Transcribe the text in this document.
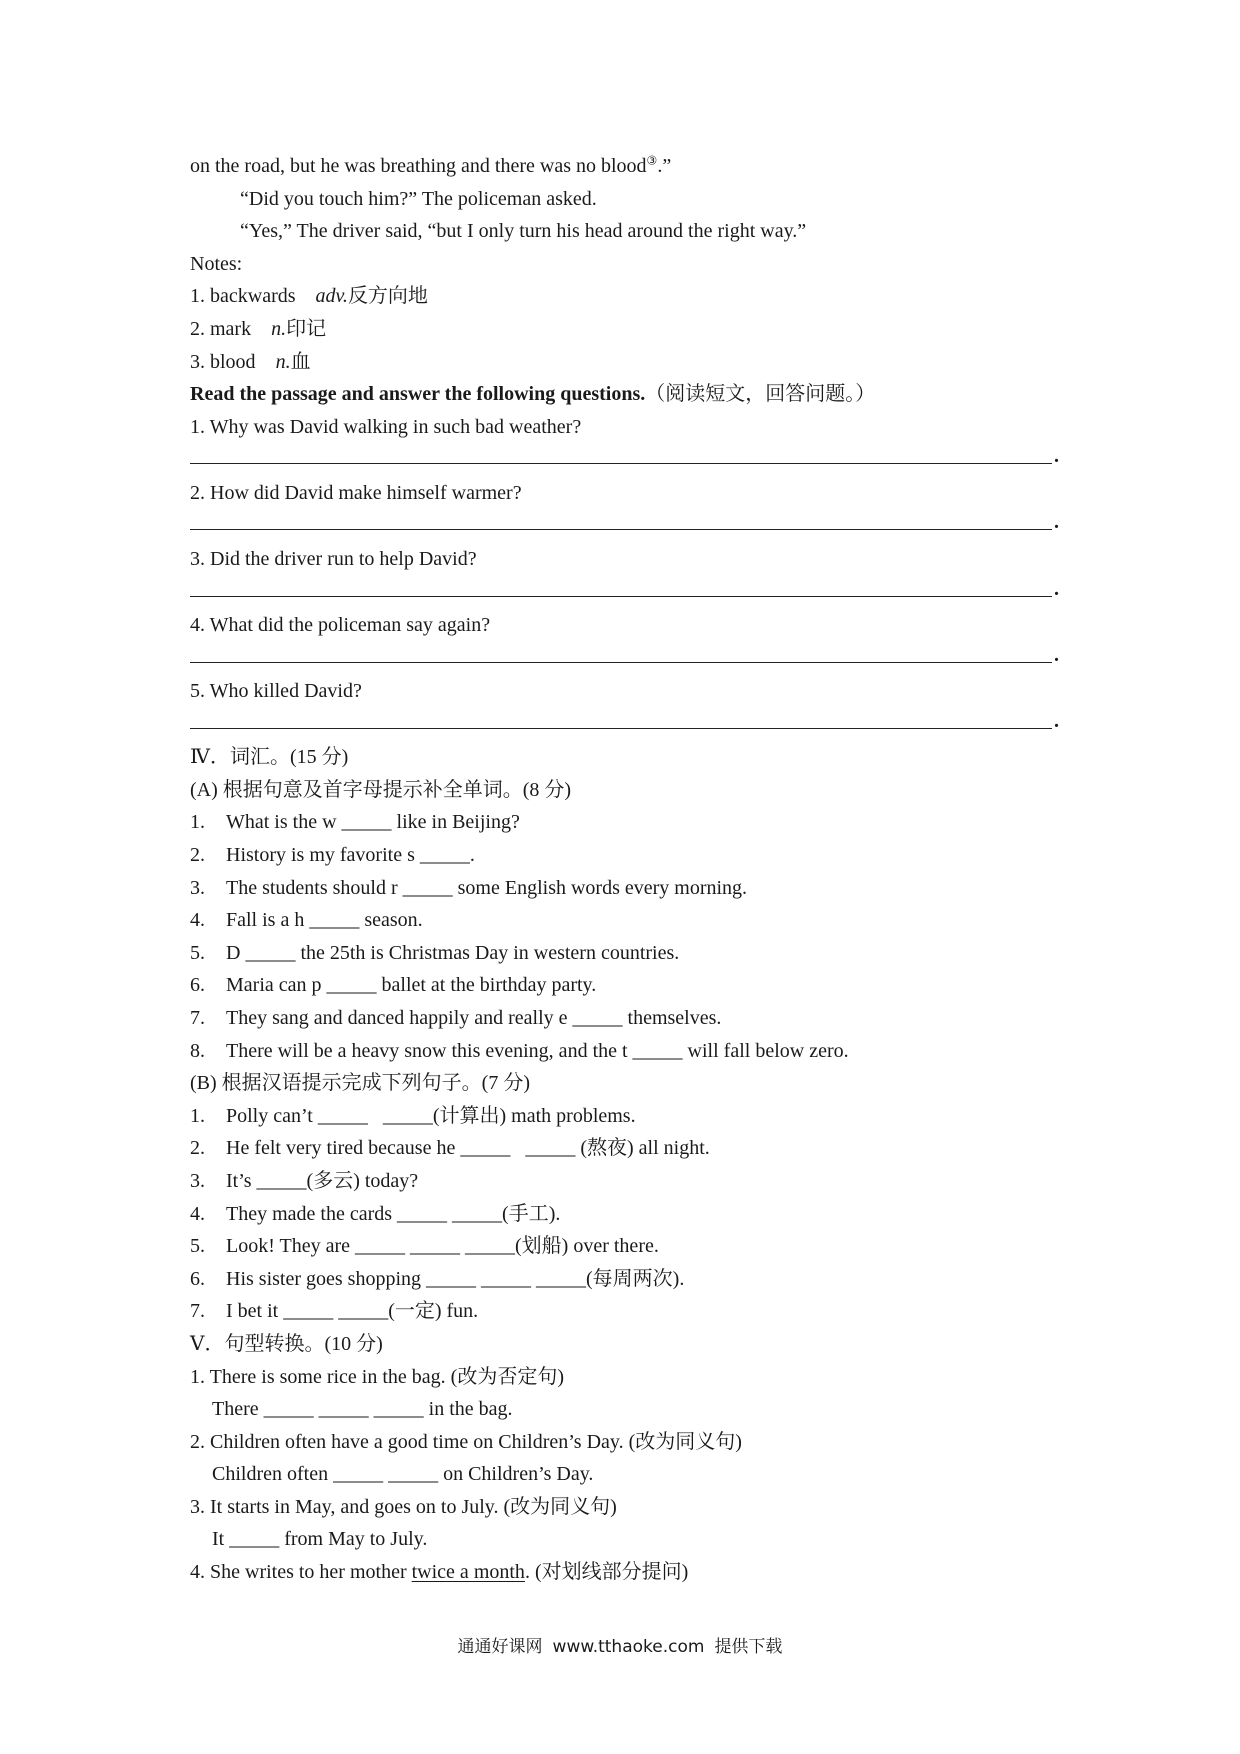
on the road, but he was breathing and there was no blood③.”
“Did you touch him?” The policeman asked.
“Yes,” The driver said, “but I only turn his head around the right way.”
Notes:
1. backwards adv.反方向地
2. mark n.印记
3. blood n.血
Read the passage and answer the following questions.（阅读短文，回答问题。）
1. Why was David walking in such bad weather?
.
2. How did David make himself warmer?
.
3. Did the driver run to help David?
.
4. What did the policeman say again?
.
5. Who killed David?
.
Ⅳ．词汇。(15 分)
(A) 根据句意及首字母提示补全单词。(8 分)
1. What is the w _____ like in Beijing?
2. History is my favorite s _____.
3. The students should r _____ some English words every morning.
4. Fall is a h _____ season.
5. D _____ the 25th is Christmas Day in western countries.
6. Maria can p _____ ballet at the birthday party.
7. They sang and danced happily and really e _____ themselves.
8. There will be a heavy snow this evening, and the t _____ will fall below zero.
(B) 根据汉语提示完成下列句子。(7 分)
1. Polly can’t _____   _____(计算出) math problems.
2. He felt very tired because he _____   _____ (熬夜) all night.
3. It’s _____(多云) today?
4. They made the cards _____ _____(手工).
5. Look! They are _____ _____ _____(划船) over there.
6. His sister goes shopping _____ _____ _____(每周两次).
7. I bet it _____ _____(一定) fun.
Ⅴ．句型转换。(10 分)
1. There is some rice in the bag. (改为否定句)
There _____ _____ _____ in the bag.
2. Children often have a good time on Children’s Day. (改为同义句)
Children often _____ _____ on Children’s Day.
3. It starts in May, and goes on to July. (改为同义句)
It _____ from May to July.
4. She writes to her mother twice a month. (对划线部分提问)
通通好课网 www.tthaoke.com 提供下载
